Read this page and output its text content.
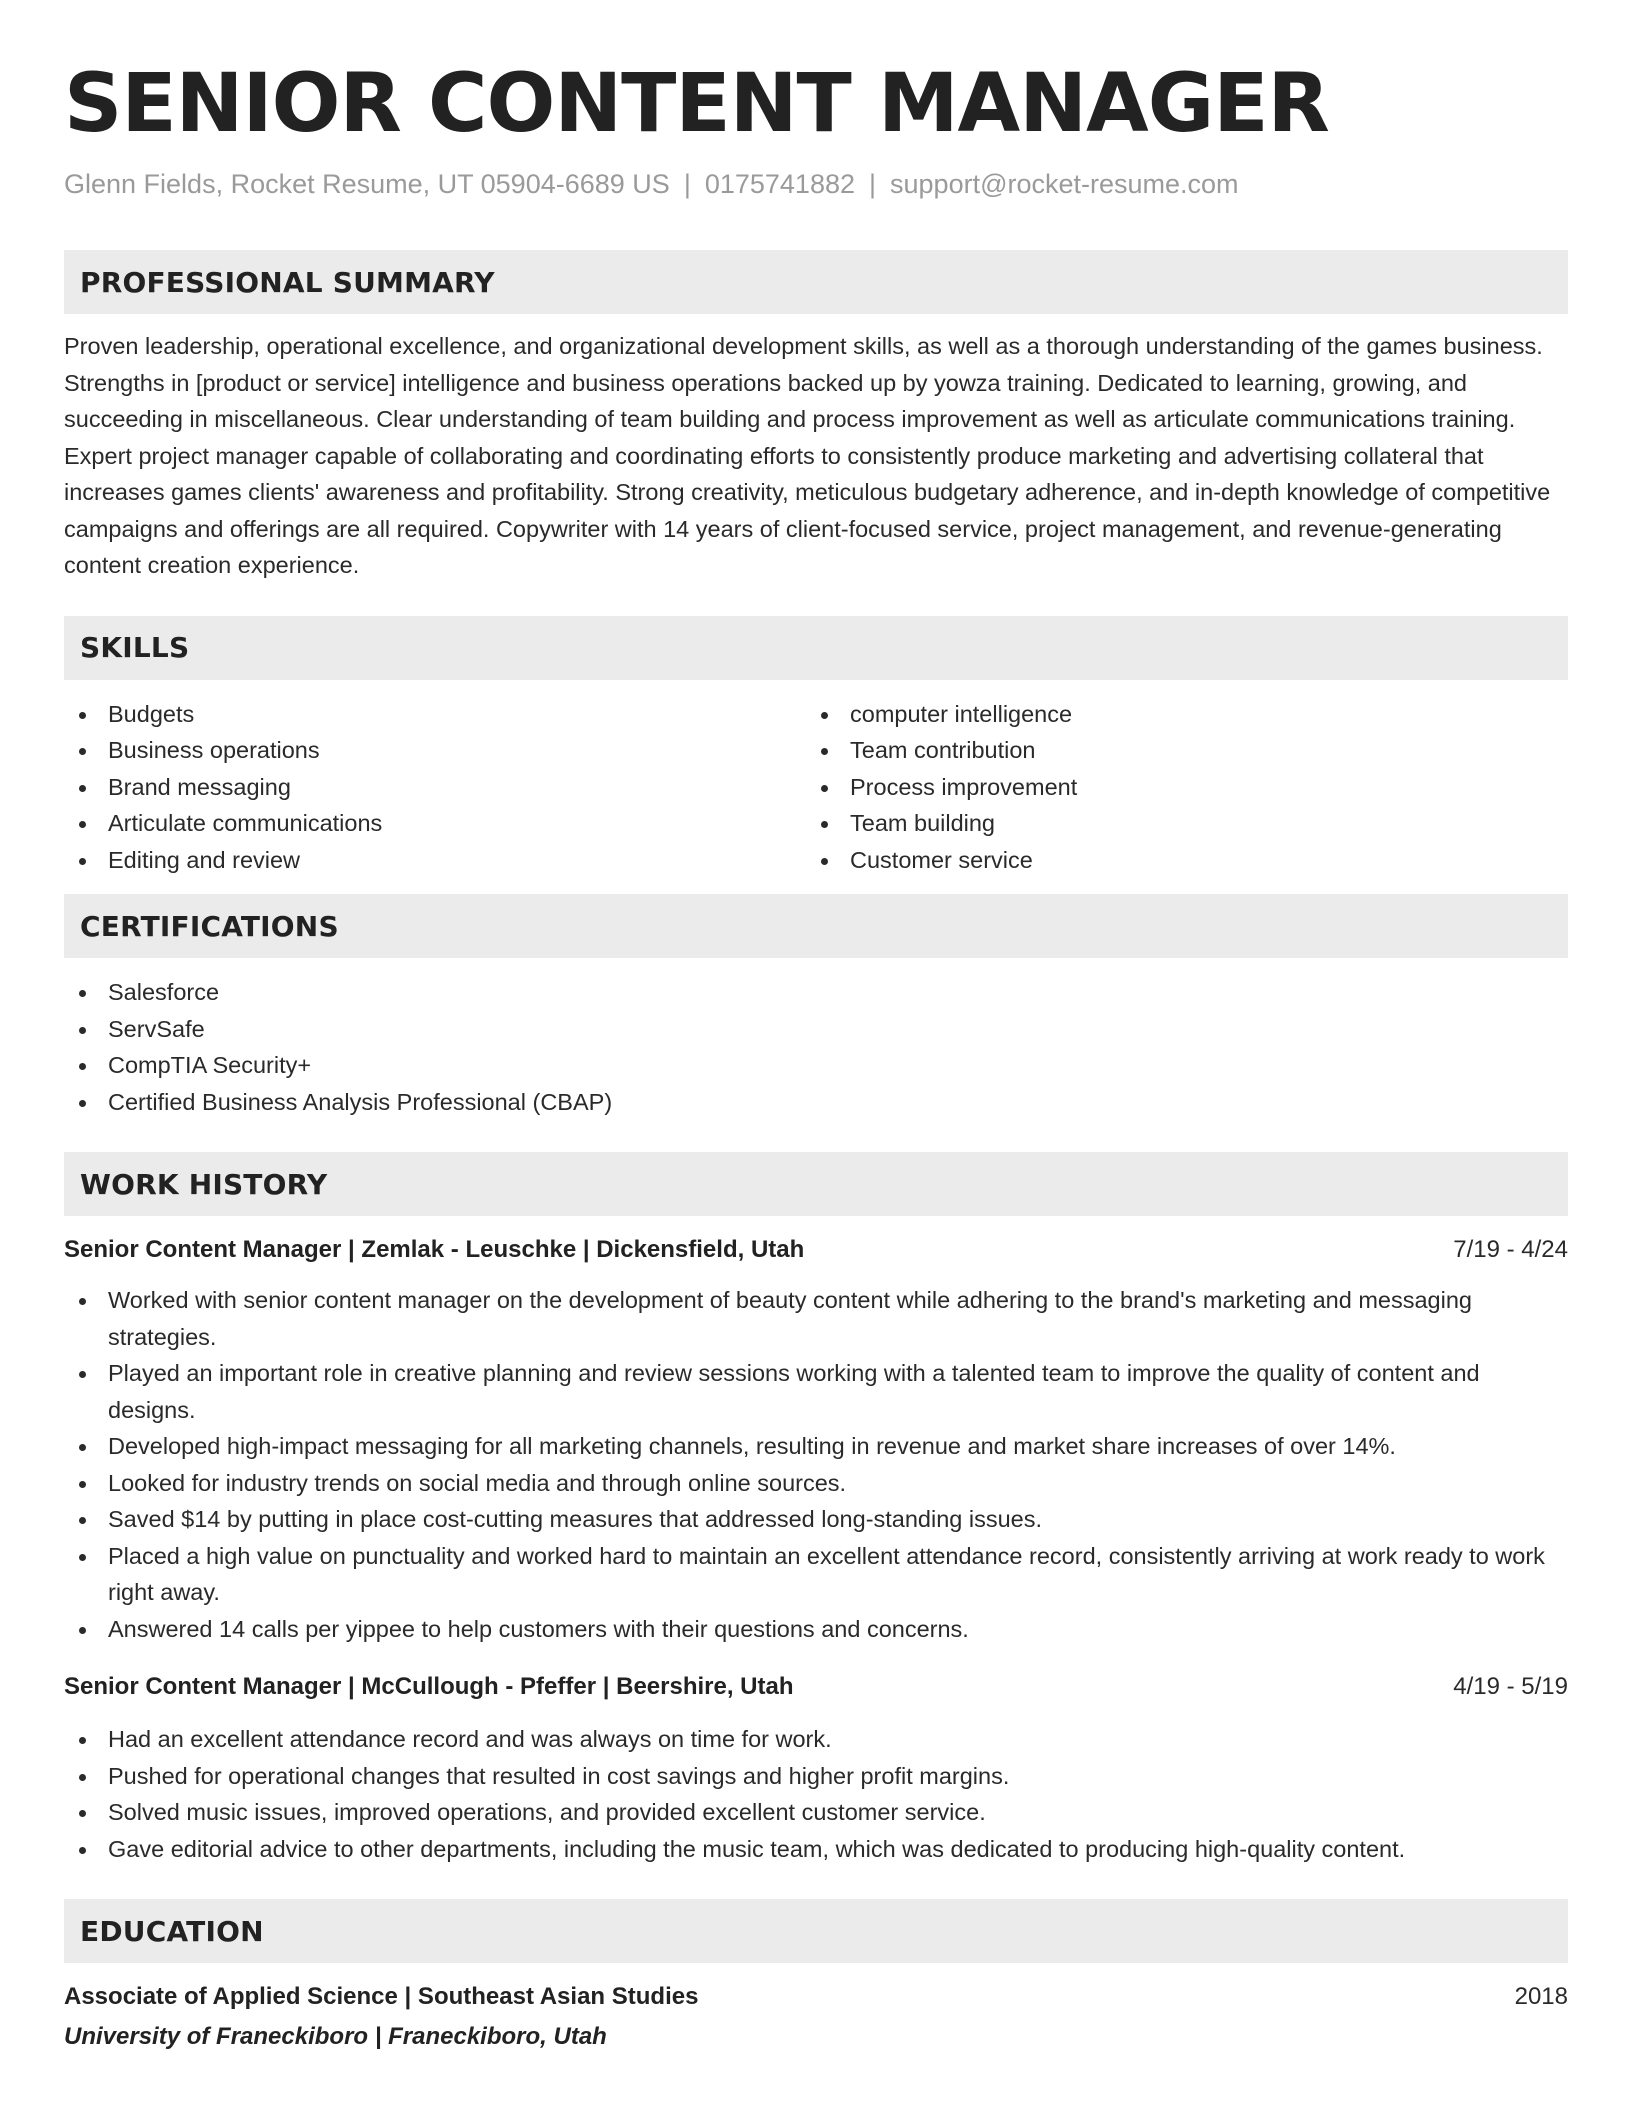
SENIOR CONTENT MANAGER
Glenn Fields, Rocket Resume, UT 05904-6689 US | 0175741882 | support@rocket-resume.com
PROFESSIONAL SUMMARY

Proven leadership, operational excellence, and organizational development skills, as well as a thorough understanding of the games business. Strengths in [product or service] intelligence and business operations backed up by yowza training. Dedicated to learning, growing, and succeeding in miscellaneous. Clear understanding of team building and process improvement as well as articulate communications training. Expert project manager capable of collaborating and coordinating efforts to consistently produce marketing and advertising collateral that increases games clients' awareness and profitability. Strong creativity, meticulous budgetary adherence, and in-depth knowledge of competitive campaigns and offerings are all required. Copywriter with 14 years of client-focused service, project management, and revenue-generating content creation experience.

SKILLS
Budgets
Business operations
Brand messaging
Articulate communications
Editing and review
computer intelligence
Team contribution
Process improvement
Team building
Customer service
CERTIFICATIONS
Salesforce
ServSafe
CompTIA Security+
Certified Business Analysis Professional (CBAP)
WORK HISTORY
Senior Content Manager | Zemlak - Leuschke | Dickensfield, Utah	7/19 - 4/24
Worked with senior content manager on the development of beauty content while adhering to the brand's marketing and messaging strategies.
Played an important role in creative planning and review sessions working with a talented team to improve the quality of content and designs.
Developed high-impact messaging for all marketing channels, resulting in revenue and market share increases of over 14%.
Looked for industry trends on social media and through online sources.
Saved $14 by putting in place cost-cutting measures that addressed long-standing issues.
Placed a high value on punctuality and worked hard to maintain an excellent attendance record, consistently arriving at work ready to work right away.
Answered 14 calls per yippee to help customers with their questions and concerns.
Senior Content Manager | McCullough - Pfeffer | Beershire, Utah	4/19 - 5/19
Had an excellent attendance record and was always on time for work.
Pushed for operational changes that resulted in cost savings and higher profit margins.
Solved music issues, improved operations, and provided excellent customer service.
Gave editorial advice to other departments, including the music team, which was dedicated to producing high-quality content.
EDUCATION
Associate of Applied Science | Southeast Asian Studies	2018
University of Franeckiboro | Franeckiboro, Utah
